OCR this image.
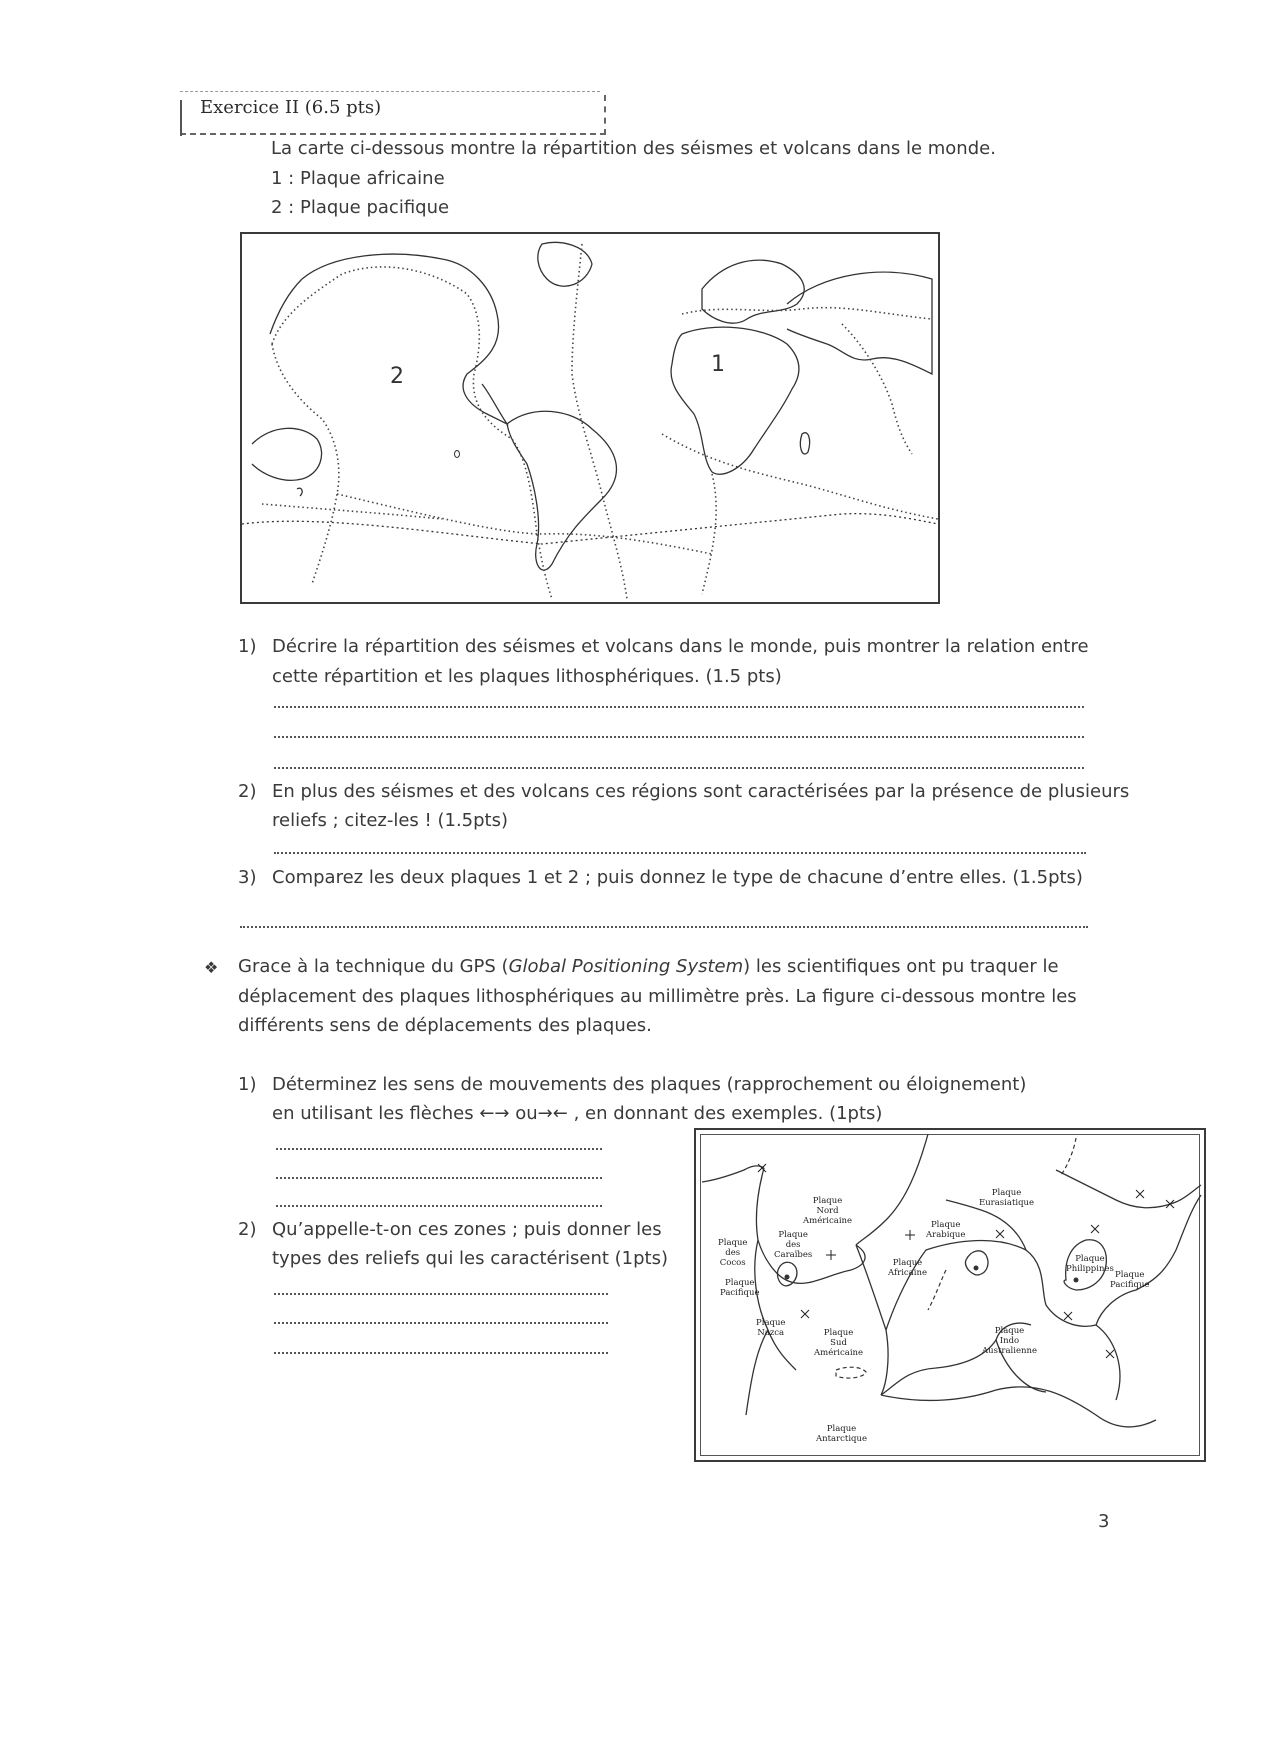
Exercice II (6.5 pts)
La carte ci-dessous montre la répartition des séismes et volcans dans le monde.
1 : Plaque africaine
2 : Plaque pacifique
2	1
1) Décrire la répartition des séismes et volcans dans le monde, puis montrer la relation entre
cette répartition et les plaques lithosphériques. (1.5 pts)
2) En plus des séismes et des volcans ces régions sont caractérisées par la présence de plusieurs
reliefs ; citez-les ! (1.5pts)
3) Comparez les deux plaques 1 et 2 ; puis donnez le type de chacune d’entre elles. (1.5pts)
❖ Grace à la technique du GPS (Global Positioning System) les scientifiques ont pu traquer le
déplacement des plaques lithosphériques au millimètre près. La figure ci-dessous montre les
différents sens de déplacements des plaques.
1) Déterminez les sens de mouvements des plaques (rapprochement ou éloignement)
en utilisant les flèches ←→ ou→← , en donnant des exemples. (1pts)
2) Qu’appelle-t-on ces zones ; puis donner les
types des reliefs qui les caractérisent (1pts)
Plaque
Nord
Américaine
Plaque
Eurasiatique
Plaque
des
Caraïbes
Plaque
des
Cocos
Plaque
Arabique
Plaque
Africaine
Plaque
Philippines
Plaque
Pacifique
Plaque
Pacifique
Plaque
Nazca	Plaque
Sud
Américaine
Plaque
Indo
Australienne
Plaque
Antarctique
3
